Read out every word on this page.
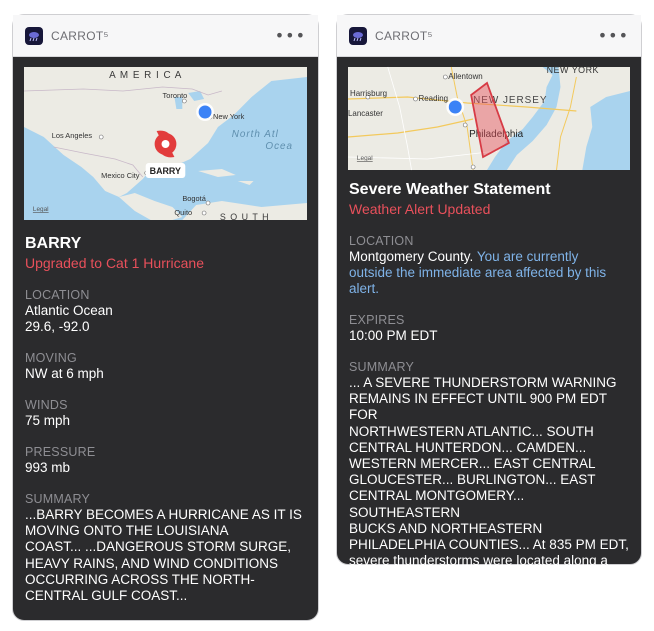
CARROT⁵	•••
A M E R I C A
Toronto
New York
Los Angeles	North Atl
Ocea
Mexico City
Bogotá
Quito	S O U T H
Legal
BARRY
BARRY
Upgraded to Cat 1 Hurricane
LOCATION
Atlantic Ocean
29.6, -92.0
MOVING
NW at 6 mph
WINDS
75 mph
PRESSURE
993 mb
SUMMARY
...BARRY BECOMES A HURRICANE AS IT IS
MOVING ONTO THE LOUISIANA
COAST... ...DANGEROUS STORM SURGE,
HEAVY RAINS, AND WIND CONDITIONS
OCCURRING ACROSS THE NORTH-
CENTRAL GULF COAST...
CARROT⁵	•••
NEW YORK
Allentown
Harrisburg
Reading	NEW JERSEY
Lancaster
Philadelphia
Legal
Severe Weather Statement
Weather Alert Updated
LOCATION
Montgomery County. You are currently
outside the immediate area affected by this
alert.
EXPIRES
10:00 PM EDT
SUMMARY
... A SEVERE THUNDERSTORM WARNING
REMAINS IN EFFECT UNTIL 900 PM EDT FOR
NORTHWESTERN ATLANTIC... SOUTH
CENTRAL HUNTERDON... CAMDEN...
WESTERN MERCER... EAST CENTRAL
GLOUCESTER... BURLINGTON... EAST
CENTRAL MONTGOMERY... SOUTHEASTERN
BUCKS AND NORTHEASTERN
PHILADELPHIA COUNTIES... At 835 PM EDT,
severe thunderstorms were located along a
line [...]
